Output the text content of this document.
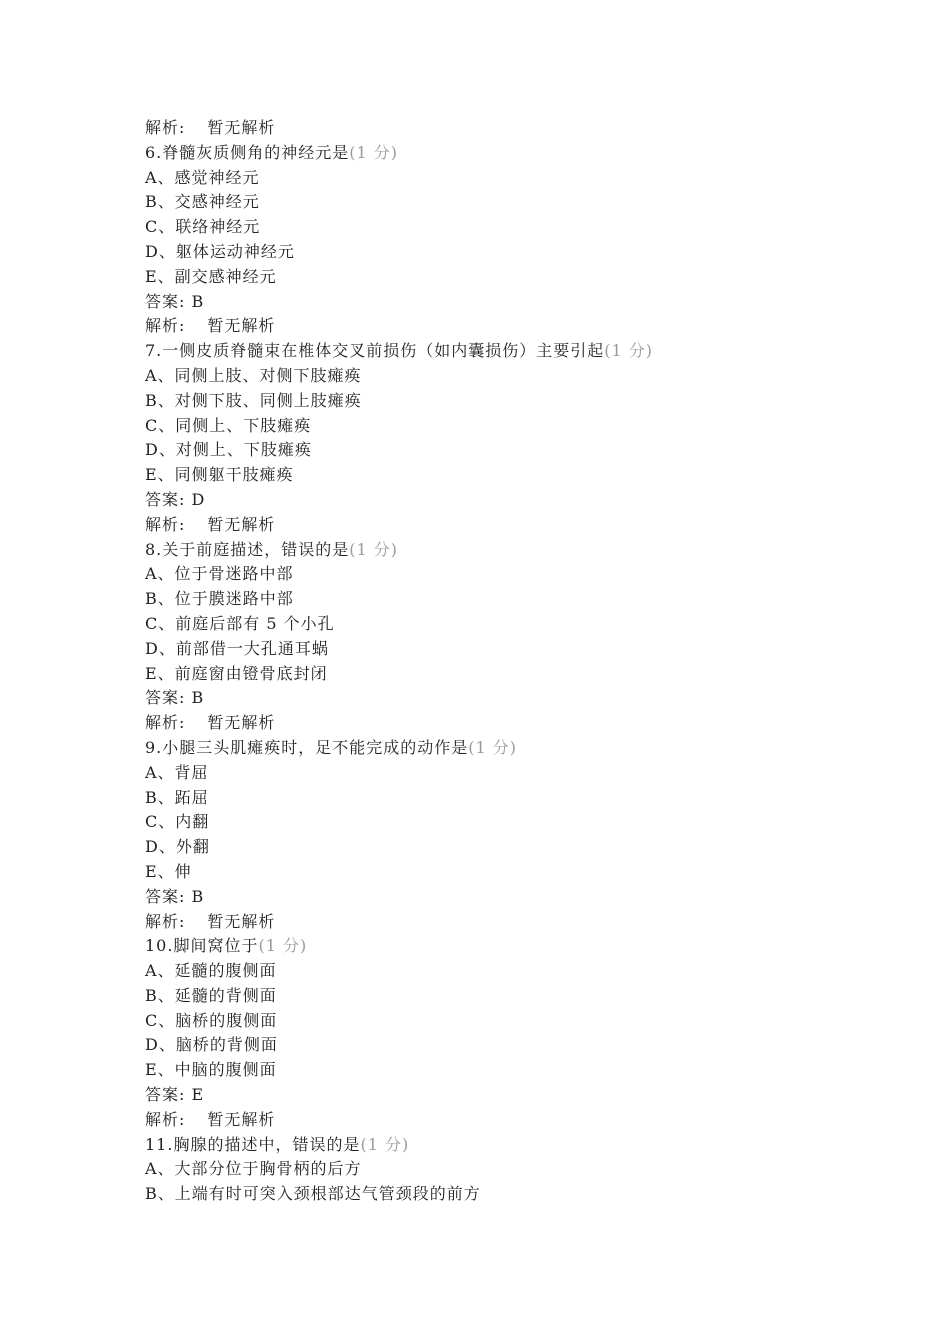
解析: 暂无解析
6.脊髓灰质侧角的神经元是(1 分)
A、感觉神经元
B、交感神经元
C、联络神经元
D、躯体运动神经元
E、副交感神经元
答案: B
解析: 暂无解析
7.一侧皮质脊髓束在椎体交叉前损伤（如内囊损伤）主要引起(1 分)
A、同侧上肢、对侧下肢瘫痪
B、对侧下肢、同侧上肢瘫痪
C、同侧上、下肢瘫痪
D、对侧上、下肢瘫痪
E、同侧躯干肢瘫痪
答案: D
解析: 暂无解析
8.关于前庭描述，错误的是(1 分)
A、位于骨迷路中部
B、位于膜迷路中部
C、前庭后部有 5 个小孔
D、前部借一大孔通耳蜗
E、前庭窗由镫骨底封闭
答案: B
解析: 暂无解析
9.小腿三头肌瘫痪时，足不能完成的动作是(1 分)
A、背屈
B、跖屈
C、内翻
D、外翻
E、伸
答案: B
解析: 暂无解析
10.脚间窝位于(1 分)
A、延髓的腹侧面
B、延髓的背侧面
C、脑桥的腹侧面
D、脑桥的背侧面
E、中脑的腹侧面
答案: E
解析: 暂无解析
11.胸腺的描述中，错误的是(1 分)
A、大部分位于胸骨柄的后方
B、上端有时可突入颈根部达气管颈段的前方
